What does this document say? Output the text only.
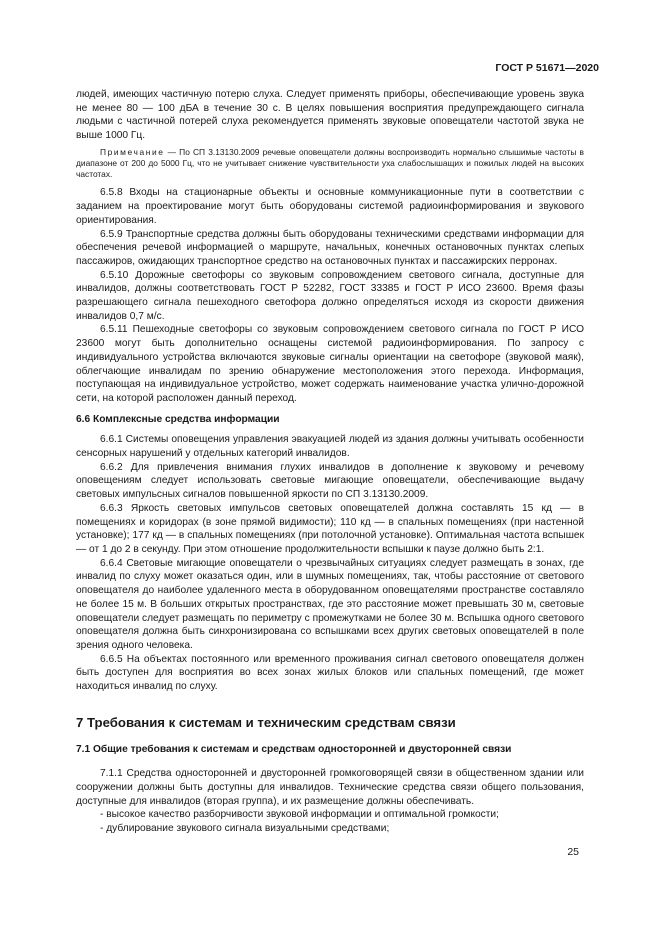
ГОСТ Р 51671—2020

людей, имеющих частичную потерю слуха. Следует применять приборы, обеспечивающие уровень звука не менее 80 — 100 дБА в течение 30 с. В целях повышения восприятия предупреждающего сигнала людьми с частичной потерей слуха рекомендуется применять звуковые оповещатели частотой звука не выше 1000 Гц.

Примечание — По СП 3.13130.2009 речевые оповещатели должны воспроизводить нормально слышимые частоты в диапазоне от 200 до 5000 Гц, что не учитывает снижение чувствительности уха слабослышащих и пожилых людей на высоких частотах.

6.5.8 Входы на стационарные объекты и основные коммуникационные пути в соответствии с заданием на проектирование могут быть оборудованы системой радиоинформирования и звукового ориентирования.

6.5.9 Транспортные средства должны быть оборудованы техническими средствами информации для обеспечения речевой информацией о маршруте, начальных, конечных остановочных пунктах слепых пассажиров, ожидающих транспортное средство на остановочных пунктах и пассажирских перронах.

6.5.10 Дорожные светофоры со звуковым сопровождением светового сигнала, доступные для инвалидов, должны соответствовать ГОСТ Р 52282, ГОСТ 33385 и ГОСТ Р ИСО 23600. Время фазы разрешающего сигнала пешеходного светофора должно определяться исходя из скорости движения инвалидов 0,7 м/с.

6.5.11 Пешеходные светофоры со звуковым сопровождением светового сигнала по ГОСТ Р ИСО 23600 могут быть дополнительно оснащены системой радиоинформирования. По запросу с индивидуального устройства включаются звуковые сигналы ориентации на светофоре (звуковой маяк), облегчающие инвалидам по зрению обнаружение местоположения этого перехода. Информация, поступающая на индивидуальное устройство, может содержать наименование участка улично-дорожной сети, на которой расположен данный переход.

6.6 Комплексные средства информации

6.6.1 Системы оповещения управления эвакуацией людей из здания должны учитывать особенности сенсорных нарушений у отдельных категорий инвалидов.

6.6.2 Для привлечения внимания глухих инвалидов в дополнение к звуковому и речевому оповещениям следует использовать световые мигающие оповещатели, обеспечивающие выдачу световых импульсных сигналов повышенной яркости по СП 3.13130.2009.

6.6.3 Яркость световых импульсов световых оповещателей должна составлять 15 кд — в помещениях и коридорах (в зоне прямой видимости); 110 кд — в спальных помещениях (при настенной установке); 177 кд — в спальных помещениях (при потолочной установке). Оптимальная частота вспышек — от 1 до 2 в секунду. При этом отношение продолжительности вспышки к паузе должно быть 2:1.

6.6.4 Световые мигающие оповещатели о чрезвычайных ситуациях следует размещать в зонах, где инвалид по слуху может оказаться один, или в шумных помещениях, так, чтобы расстояние от светового оповещателя до наиболее удаленного места в оборудованном оповещателями пространстве составляло не более 15 м. В больших открытых пространствах, где это расстояние может превышать 30 м, световые оповещатели следует размещать по периметру с промежутками не более 30 м. Вспышка одного светового оповещателя должна быть синхронизирована со вспышками всех других световых оповещателей в поле зрения одного человека.

6.6.5 На объектах постоянного или временного проживания сигнал светового оповещателя должен быть доступен для восприятия во всех зонах жилых блоков или спальных помещений, где может находиться инвалид по слуху.

7 Требования к системам и техническим средствам связи

7.1 Общие требования к системам и средствам односторонней и двусторонней связи

7.1.1 Средства односторонней и двусторонней громкоговорящей связи в общественном здании или сооружении должны быть доступны для инвалидов. Технические средства связи общего пользования, доступные для инвалидов (вторая группа), и их размещение должны обеспечивать.

- высокое качество разборчивости звуковой информации и оптимальной громкости;

- дублирование звукового сигнала визуальными средствами;

25
